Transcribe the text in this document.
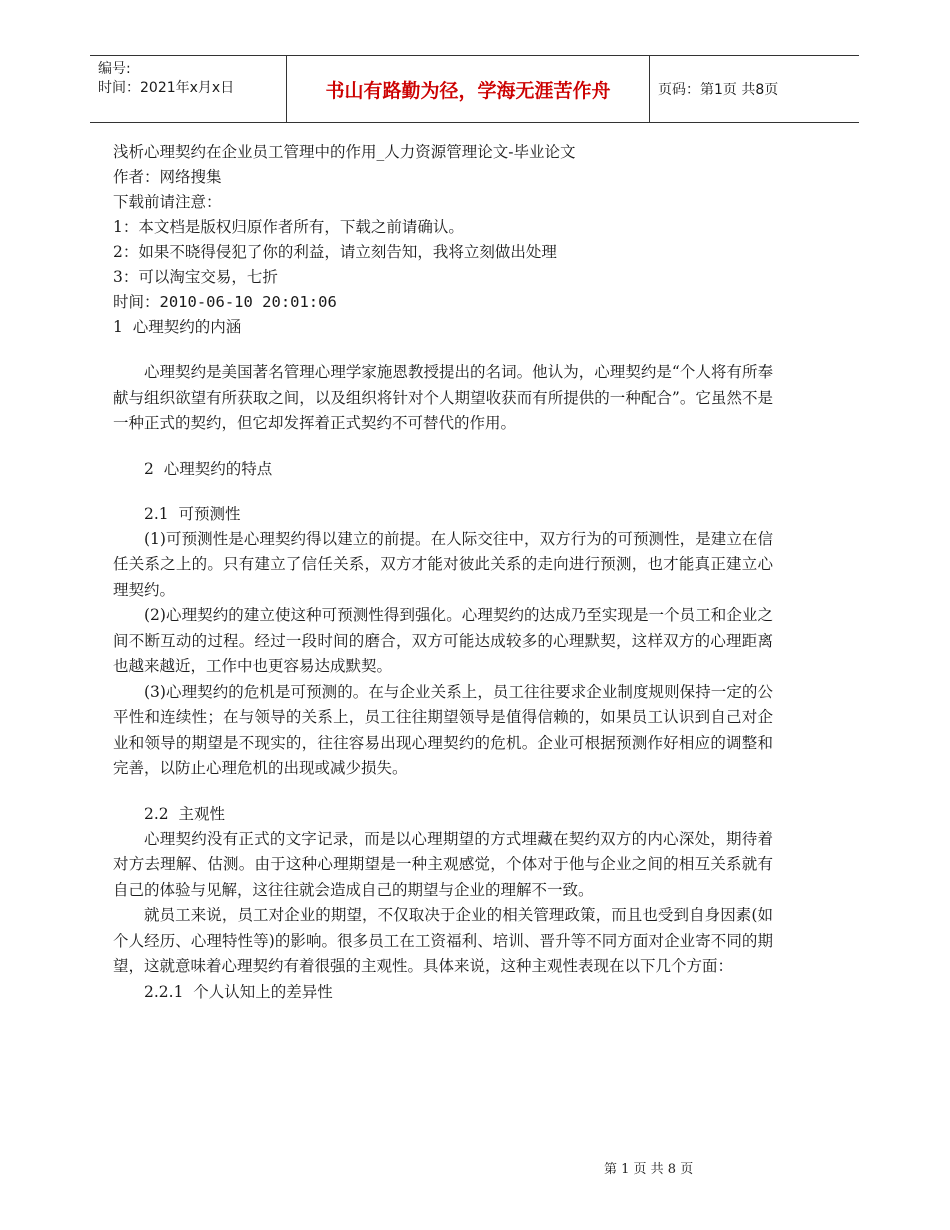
编号:
时间：2021年x月x日	书山有路勤为径，学海无涯苦作舟	页码：第1页 共8页
浅析心理契约在企业员工管理中的作用_人力资源管理论文-毕业论文
作者：网络搜集
下载前请注意：
1：本文档是版权归原作者所有，下载之前请确认。
2：如果不晓得侵犯了你的利益，请立刻告知，我将立刻做出处理
3：可以淘宝交易，七折
时间：2010-06-10 20:01:06
1  心理契约的内涵

心理契约是美国著名管理心理学家施恩教授提出的名词。他认为，心理契约是“个人将有所奉献与组织欲望有所获取之间，以及组织将针对个人期望收获而有所提供的一种配合”。它虽然不是一种正式的契约，但它却发挥着正式契约不可替代的作用。

2  心理契约的特点

2.1  可预测性

(1)可预测性是心理契约得以建立的前提。在人际交往中，双方行为的可预测性，是建立在信任关系之上的。只有建立了信任关系，双方才能对彼此关系的走向进行预测，也才能真正建立心理契约。

(2)心理契约的建立使这种可预测性得到强化。心理契约的达成乃至实现是一个员工和企业之间不断互动的过程。经过一段时间的磨合，双方可能达成较多的心理默契，这样双方的心理距离也越来越近，工作中也更容易达成默契。

(3)心理契约的危机是可预测的。在与企业关系上，员工往往要求企业制度规则保持一定的公平性和连续性；在与领导的关系上，员工往往期望领导是值得信赖的，如果员工认识到自己对企业和领导的期望是不现实的，往往容易出现心理契约的危机。企业可根据预测作好相应的调整和完善，以防止心理危机的出现或减少损失。

2.2  主观性

心理契约没有正式的文字记录，而是以心理期望的方式埋藏在契约双方的内心深处，期待着对方去理解、估测。由于这种心理期望是一种主观感觉，个体对于他与企业之间的相互关系就有自己的体验与见解，这往往就会造成自己的期望与企业的理解不一致。

就员工来说，员工对企业的期望，不仅取决于企业的相关管理政策，而且也受到自身因素(如个人经历、心理特性等)的影响。很多员工在工资福利、培训、晋升等不同方面对企业寄不同的期望，这就意味着心理契约有着很强的主观性。具体来说，这种主观性表现在以下几个方面：

2.2.1  个人认知上的差异性

第 1 页 共 8 页
